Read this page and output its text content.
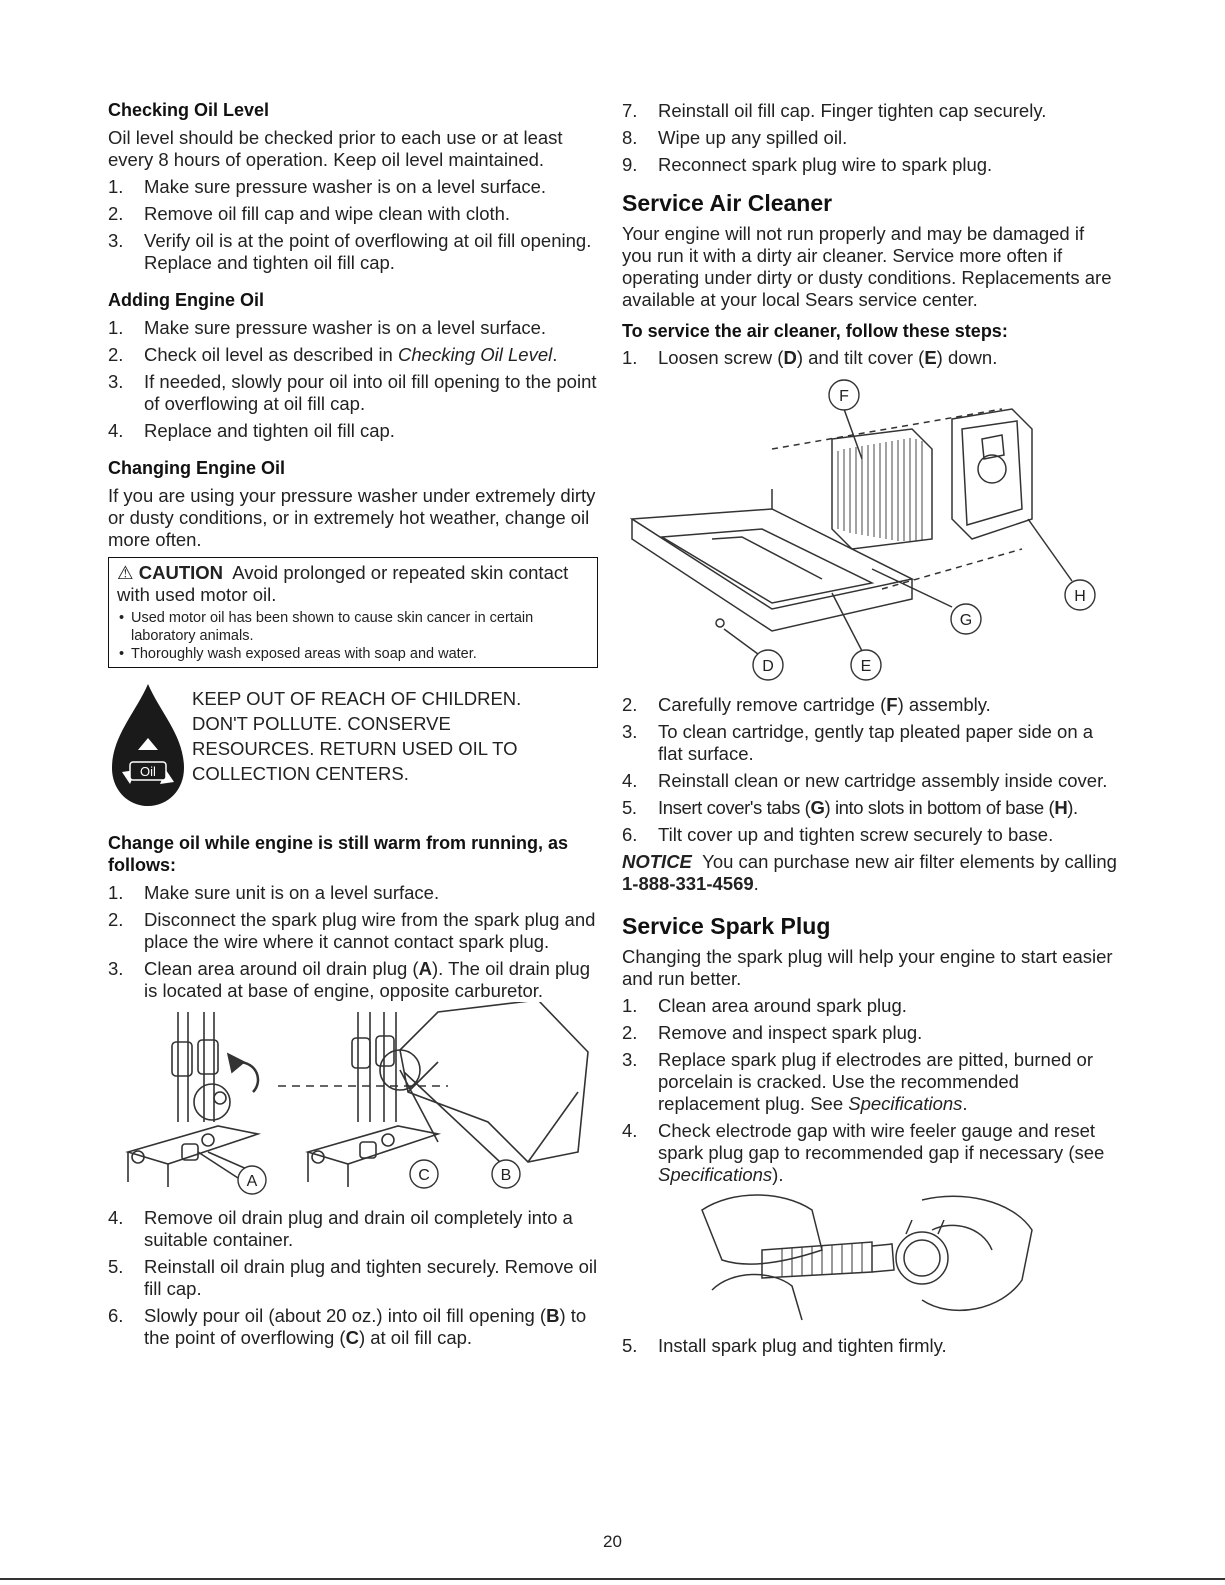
Checking Oil Level

Oil level should be checked prior to each use or at least every 8 hours of operation. Keep oil level maintained.

1. Make sure pressure washer is on a level surface.
2. Remove oil fill cap and wipe clean with cloth.
3. Verify oil is at the point of overflowing at oil fill opening. Replace and tighten oil fill cap.
Adding Engine Oil
1. Make sure pressure washer is on a level surface.
2. Check oil level as described in Checking Oil Level.
3. If needed, slowly pour oil into oil fill opening to the point of overflowing at oil fill cap.
4. Replace and tighten oil fill cap.
Changing Engine Oil

If you are using your pressure washer under extremely dirty or dusty conditions, or in extremely hot weather, change oil more often.

⚠ CAUTION Avoid prolonged or repeated skin contact with used motor oil.
• Used motor oil has been shown to cause skin cancer in certain laboratory animals.
• Thoroughly wash exposed areas with soap and water.
Oil
KEEP OUT OF REACH OF CHILDREN.
DON'T POLLUTE. CONSERVE
RESOURCES. RETURN USED OIL TO
COLLECTION CENTERS.
Change oil while engine is still warm from running, as follows:
1. Make sure unit is on a level surface.
2. Disconnect the spark plug wire from the spark plug and place the wire where it cannot contact spark plug.
3. Clean area around oil drain plug (A). The oil drain plug is located at base of engine, opposite carburetor.
A	C	B
4. Remove oil drain plug and drain oil completely into a suitable container.
5. Reinstall oil drain plug and tighten securely. Remove oil fill cap.
6. Slowly pour oil (about 20 oz.) into oil fill opening (B) to the point of overflowing (C) at oil fill cap.
7. Reinstall oil fill cap. Finger tighten cap securely.
8. Wipe up any spilled oil.
9. Reconnect spark plug wire to spark plug.
Service Air Cleaner

Your engine will not run properly and may be damaged if you run it with a dirty air cleaner. Service more often if operating under dirty or dusty conditions. Replacements are available at your local Sears service center.

To service the air cleaner, follow these steps:
1. Loosen screw (D) and tilt cover (E) down.
F
H
G
D	E
2. Carefully remove cartridge (F) assembly.
3. To clean cartridge, gently tap pleated paper side on a flat surface.
4. Reinstall clean or new cartridge assembly inside cover.
5. Insert cover's tabs (G) into slots in bottom of base (H).
6. Tilt cover up and tighten screw securely to base.

NOTICE You can purchase new air filter elements by calling 1-888-331-4569.

Service Spark Plug

Changing the spark plug will help your engine to start easier and run better.

1. Clean area around spark plug.
2. Remove and inspect spark plug.
3. Replace spark plug if electrodes are pitted, burned or porcelain is cracked. Use the recommended replacement plug. See Specifications.
4. Check electrode gap with wire feeler gauge and reset spark plug gap to recommended gap if necessary (see Specifications).
5. Install spark plug and tighten firmly.
20
